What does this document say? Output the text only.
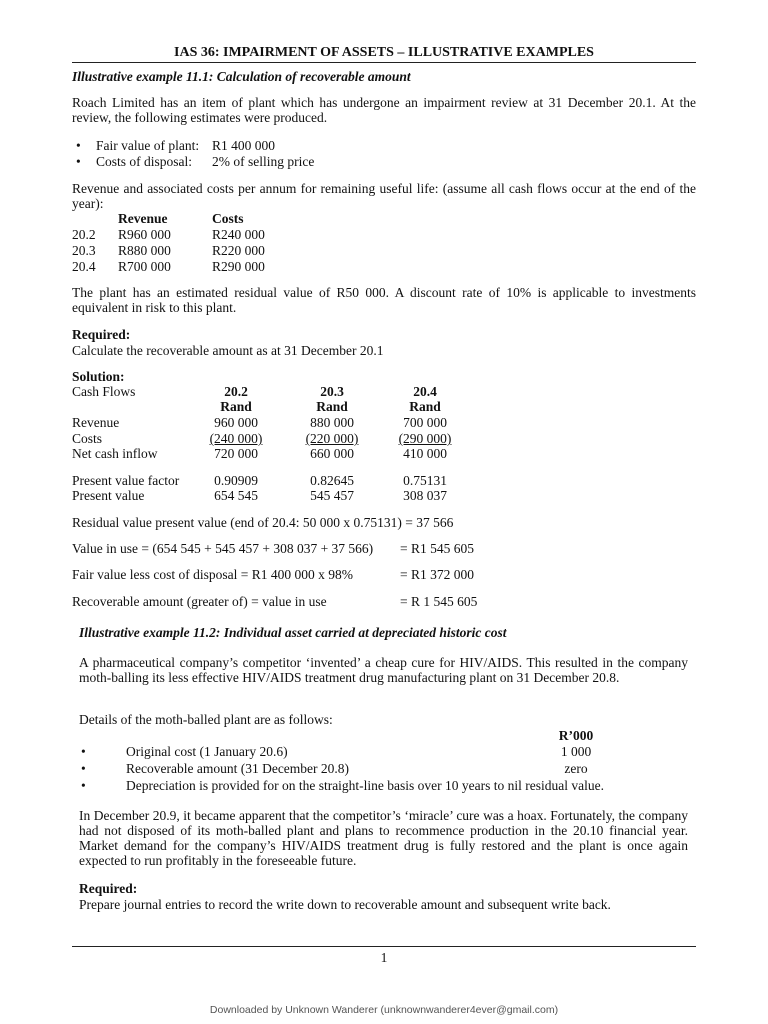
IAS 36: IMPAIRMENT OF ASSETS – ILLUSTRATIVE EXAMPLES
Illustrative example 11.1: Calculation of recoverable amount
Roach Limited has an item of plant which has undergone an impairment review at 31 December 20.1. At the review, the following estimates were produced.
• Fair value of plant: R1 400 000
• Costs of disposal: 2% of selling price
Revenue and associated costs per annum for remaining useful life: (assume all cash flows occur at the end of the year):
Revenue	Costs
20.2 R960 000	R240 000
20.3 R880 000	R220 000
20.4 R700 000	R290 000
The plant has an estimated residual value of R50 000. A discount rate of 10% is applicable to investments equivalent in risk to this plant.
Required:
Calculate the recoverable amount as at 31 December 20.1
Solution:
Cash Flows	20.2	20.3	20.4
Rand	Rand	Rand
Revenue	960 000	880 000	700 000
Costs	(240 000)	(220 000)	(290 000)
Net cash inflow	720 000	660 000	410 000
Present value factor	0.90909	0.82645	0.75131
Present value	654 545	545 457	308 037
Residual value present value (end of 20.4: 50 000 x 0.75131) = 37 566
Value in use = (654 545 + 545 457 + 308 037 + 37 566) = R1 545 605
Fair value less cost of disposal = R1 400 000 x 98%	= R1 372 000
Recoverable amount (greater of) = value in use	= R 1 545 605
Illustrative example 11.2: Individual asset carried at depreciated historic cost
A pharmaceutical company’s competitor ‘invented’ a cheap cure for HIV/AIDS. This resulted in the company moth-balling its less effective HIV/AIDS treatment drug manufacturing plant on 31 December 20.8.
Details of the moth-balled plant are as follows:
R’000
•	Original cost (1 January 20.6)	1 000
•	Recoverable amount (31 December 20.8)	zero
•	Depreciation is provided for on the straight-line basis over 10 years to nil residual value.
In December 20.9, it became apparent that the competitor’s ‘miracle’ cure was a hoax. Fortunately, the company had not disposed of its moth-balled plant and plans to recommence production in the 20.10 financial year. Market demand for the company’s HIV/AIDS treatment drug is fully restored and the plant is once again expected to run profitably in the foreseeable future.
Required:
Prepare journal entries to record the write down to recoverable amount and subsequent write back.
1
Downloaded by Unknown Wanderer (unknownwanderer4ever@gmail.com)
